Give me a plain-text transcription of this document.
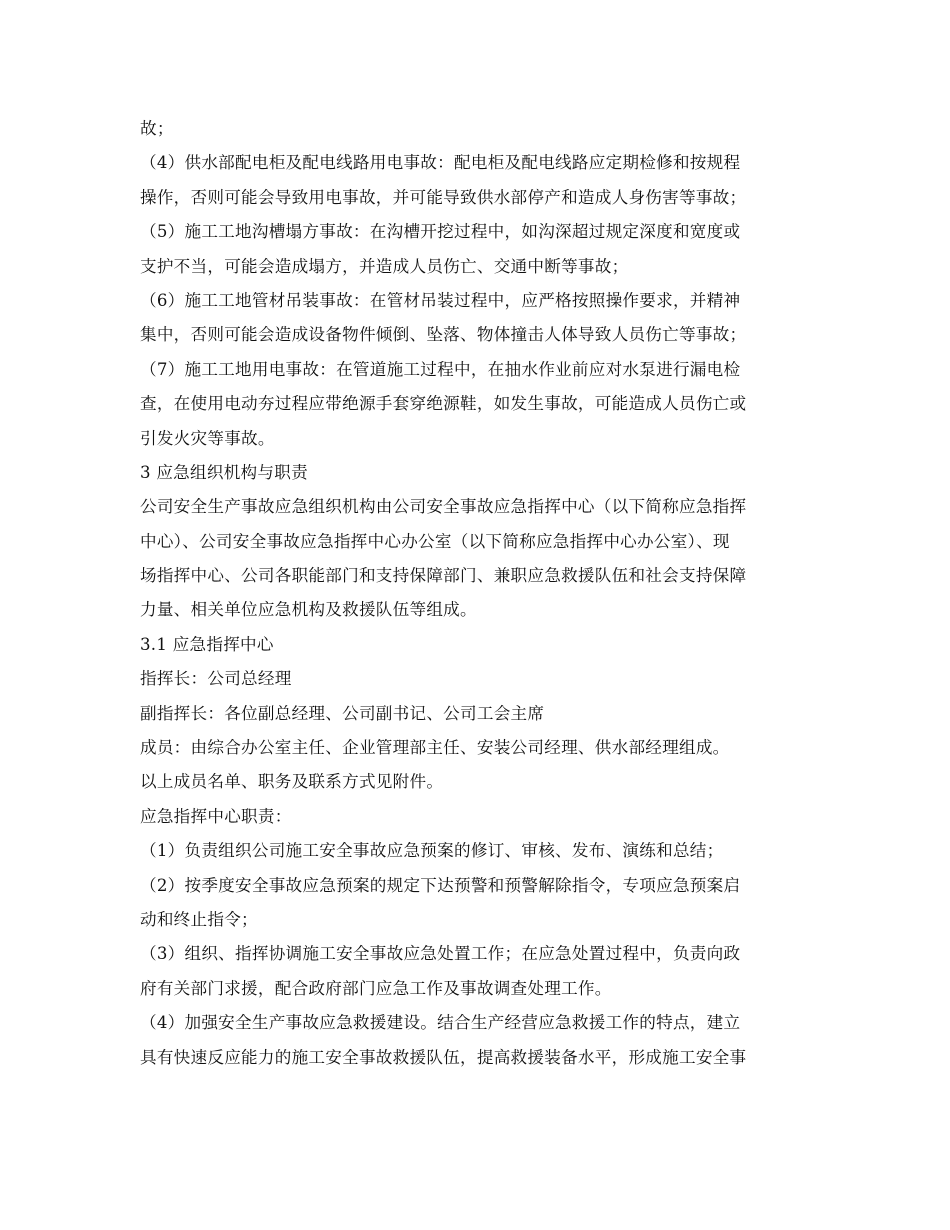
故；
（4）供水部配电柜及配电线路用电事故：配电柜及配电线路应定期检修和按规程
操作，否则可能会导致用电事故，并可能导致供水部停产和造成人身伤害等事故；
（5）施工工地沟槽塌方事故：在沟槽开挖过程中，如沟深超过规定深度和宽度或
支护不当，可能会造成塌方，并造成人员伤亡、交通中断等事故；
（6）施工工地管材吊装事故：在管材吊装过程中，应严格按照操作要求，并精神
集中，否则可能会造成设备物件倾倒、坠落、物体撞击人体导致人员伤亡等事故；
（7）施工工地用电事故：在管道施工过程中，在抽水作业前应对水泵进行漏电检
查，在使用电动夯过程应带绝源手套穿绝源鞋，如发生事故，可能造成人员伤亡或
引发火灾等事故。
3 应急组织机构与职责
公司安全生产事故应急组织机构由公司安全事故应急指挥中心（以下简称应急指挥
中心）、公司安全事故应急指挥中心办公室（以下简称应急指挥中心办公室）、现
场指挥中心、公司各职能部门和支持保障部门、兼职应急救援队伍和社会支持保障
力量、相关单位应急机构及救援队伍等组成。
3.1 应急指挥中心
指挥长：公司总经理
副指挥长：各位副总经理、公司副书记、公司工会主席
成员：由综合办公室主任、企业管理部主任、安装公司经理、供水部经理组成。
以上成员名单、职务及联系方式见附件。
应急指挥中心职责：
（1）负责组织公司施工安全事故应急预案的修订、审核、发布、演练和总结；
（2）按季度安全事故应急预案的规定下达预警和预警解除指令，专项应急预案启
动和终止指令；
（3）组织、指挥协调施工安全事故应急处置工作；在应急处置过程中，负责向政
府有关部门求援，配合政府部门应急工作及事故调查处理工作。
（4）加强安全生产事故应急救援建设。结合生产经营应急救援工作的特点，建立
具有快速反应能力的施工安全事故救援队伍，提高救援装备水平，形成施工安全事
